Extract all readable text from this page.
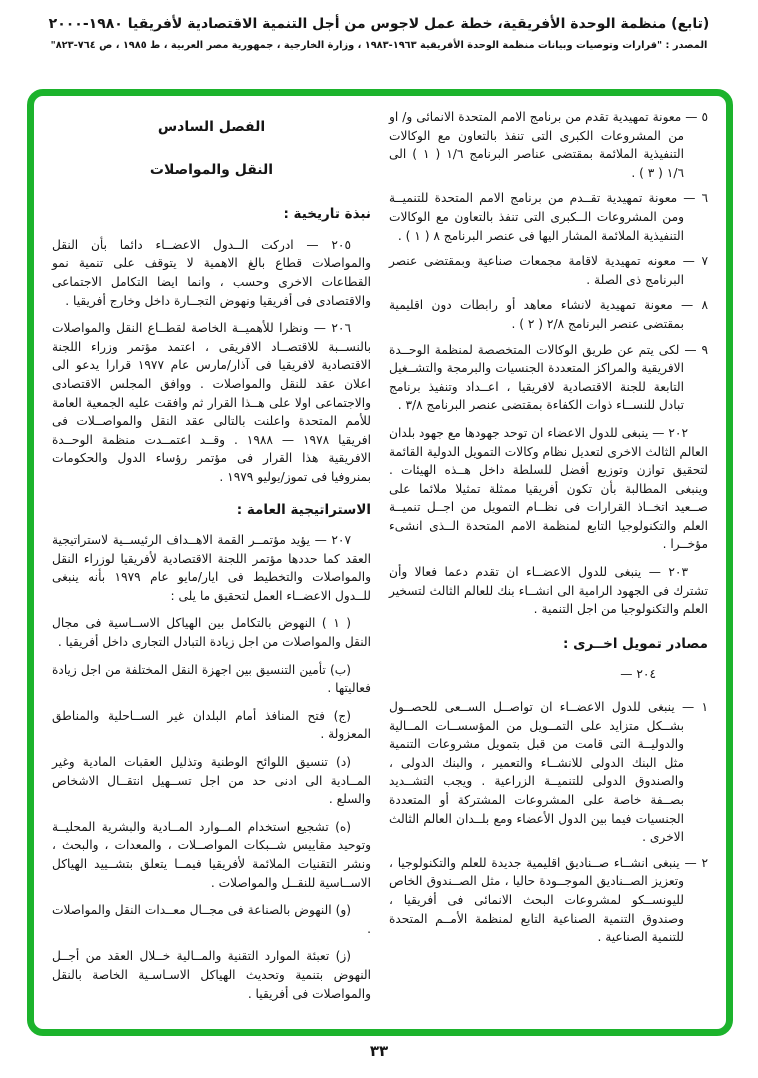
(تابع) منظمة الوحدة الأفريقية، خطة عمل لاجوس من أجل التنمية الاقتصادية لأفريقيا ١٩٨٠-٢٠٠٠
المصدر : "قرارات وتوصيات وبيانات منظمة الوحدة الأفريقية ١٩٦٣-١٩٨٣ ، وزارة الخارجية ، جمهورية مصر العربية ، ط ١٩٨٥ ، ص ٧٦٤-٨٢٣"

٥ — معونة تمهيدية تقدم من برنامج الامم المتحدة الانمائى و/ او من المشروعات الكبرى التى تنفذ بالتعاون مع الوكالات التنفيذية الملائمة بمقتضى عناصر البرنامج ١/٦ ( ١ ) الى ١/٦ ( ٣ ) .

٦ — معونة تمهيدية تقــدم من برنامج الامم المتحدة للتنميــة ومن المشروعات الــكبرى التى تنفذ بالتعاون مع الوكالات التنفيذية الملائمة المشار اليها فى عنصر البرنامج ٨ ( ١ ) .

٧ — معونه تمهيدية لاقامة مجمعات صناعية وبمقتضى عنصر البرنامج ذى الصلة .

٨ — معونة تمهيدية لانشاء معاهد أو رابطات دون اقليمية بمقتضى عنصر البرنامج ٢/٨ ( ٢ ) .

٩ — لكى يتم عن طريق الوكالات المتخصصة لمنظمة الوحــدة الافريقية والمراكز المتعددة الجنسيات والبرمجة والتشــغيل التابعة للجنة الاقتصادية لافريقيا ، اعــداد وتنفيذ برنامج تبادل للنســاء ذوات الكفاءة بمقتضى عنصر البرنامج ٣/٨ .

٢٠٢ — ينبغى للدول الاعضاء ان توحد جهودها مع جهود بلدان العالم الثالث الاخرى لتعديل نظام وكالات التمويل الدولية القائمة لتحقيق توازن وتوزيع أفضل للسلطة داخل هــذه الهيئات . وينبغى المطالبة بأن تكون أفريقيا ممثلة تمثيلا ملائما على صــعيد اتخــاذ القرارات فى نظــام التمويل من اجــل تنميــة العلم والتكنولوجيا التابع لمنظمة الامم المتحدة الــذى انشىء مؤخــرا .

٢٠٣ — ينبغى للدول الاعضــاء ان تقدم دعما فعالا وأن تشترك فى الجهود الرامية الى انشــاء بنك للعالم الثالث لتسخير العلم والتكنولوجيا من اجل التنمية .

مصادر تمويل اخــرى :

٢٠٤ —

١ — ينبغى للدول الاعضــاء ان تواصــل الســعى للحصــول بشــكل متزايد على التمــويل من المؤسســات المــالية والدوليــة التى قامت من قبل بتمويل مشروعات التنمية مثل البنك الدولى للانشــاء والتعمير ، والبنك الدولى ، والصندوق الدولى للتنميــة الزراعية . ويجب التشــديد بصــفة خاصة على المشروعات المشتركة أو المتعددة الجنسيات فيما بين الدول الأعضاء ومع بلــدان العالم الثالث الاخرى .

٢ — ينبغى انشــاء صــناديق اقليمية جديدة للعلم والتكنولوجيا ، وتعزيز الصــناديق الموجــودة حاليا ، مثل الصــندوق الخاص لليونســكو لمشروعات البحث الانمائى فى أفريقيا ، وصندوق التنمية الصناعية التابع لمنظمة الأمــم المتحدة للتنمية الصناعية .

الفصل السادس
النقل والمواصلات
نبذة تاريخية :

٢٠٥ — ادركت الــدول الاعضــاء دائما بأن النقل والمواصلات قطاع بالغ الاهمية لا يتوقف على تنمية نمو القطاعات الاخرى وحسب ، وانما ايضا التكامل الاجتماعى والاقتصادى فى أفريقيا ونهوض التجــارة داخل وخارج أفريقيا .

٢٠٦ — ونظرا للأهميــة الخاصة لقطــاع النقل والمواصلات بالنســبة للاقتصــاد الافريقى ، اعتمد مؤتمر وزراء اللجنة الاقتصادية لافريقيا فى آذار/مارس عام ١٩٧٧ قرارا يدعو الى اعلان عقد للنقل والمواصلات . ووافق المجلس الاقتصادى والاجتماعى اولا على هــذا القرار ثم وافقت عليه الجمعية العامة للأمم المتحدة واعلنت بالتالى عقد النقل والمواصــلات فى افريقيا ١٩٧٨ — ١٩٨٨ . وقــد اعتمــدت منظمة الوحــدة الافريقية هذا القرار فى مؤتمر رؤساء الدول والحكومات بمنروفيا فى تموز/يوليو ١٩٧٩ .

الاستراتيجية العامة :

٢٠٧ — يؤيد مؤتمــر القمة الاهــداف الرئيســية لاستراتيجية العقد كما حددها مؤتمر اللجنة الاقتصادية لأفريقيا لوزراء النقل والمواصلات والتخطيط فى ايار/مايو عام ١٩٧٩ بأنه ينبغى للــدول الاعضــاء العمل لتحقيق ما يلى :

( ١ ) النهوض بالتكامل بين الهياكل الاســاسية فى مجال النقل والمواصلات من اجل زيادة التبادل التجارى داخل أفريقيا .

(ب) تأمين التنسيق بين اجهزة النقل المختلفة من اجل زيادة فعاليتها .

(ج) فتح المنافذ أمام البلدان غير الســاحلية والمناطق المعزولة .

(د) تنسيق اللوائح الوطنية وتذليل العقبات المادية وغير المــادية الى ادنى حد من اجل تســهيل انتقــال الاشخاص والسلع .

(ه) تشجيع استخدام المــوارد المــادية والبشرية المحليــة وتوحيد مقاييس شــبكات المواصــلات ، والمعدات ، والبحث ، ونشر التقنيات الملائمة لأفريقيا فيمــا يتعلق بتشــييد الهياكل الاســاسية للنقــل والمواصلات .

(و) النهوض بالصناعة فى مجــال معــدات النقل والمواصلات .

(ز) تعبئة الموارد التقنية والمــالية خــلال العقد من أجــل النهوض بتنمية وتحديث الهياكل الاسـاسـية الخاصة بالنقل والمواصلات فى أفريقيا .

٣٣
